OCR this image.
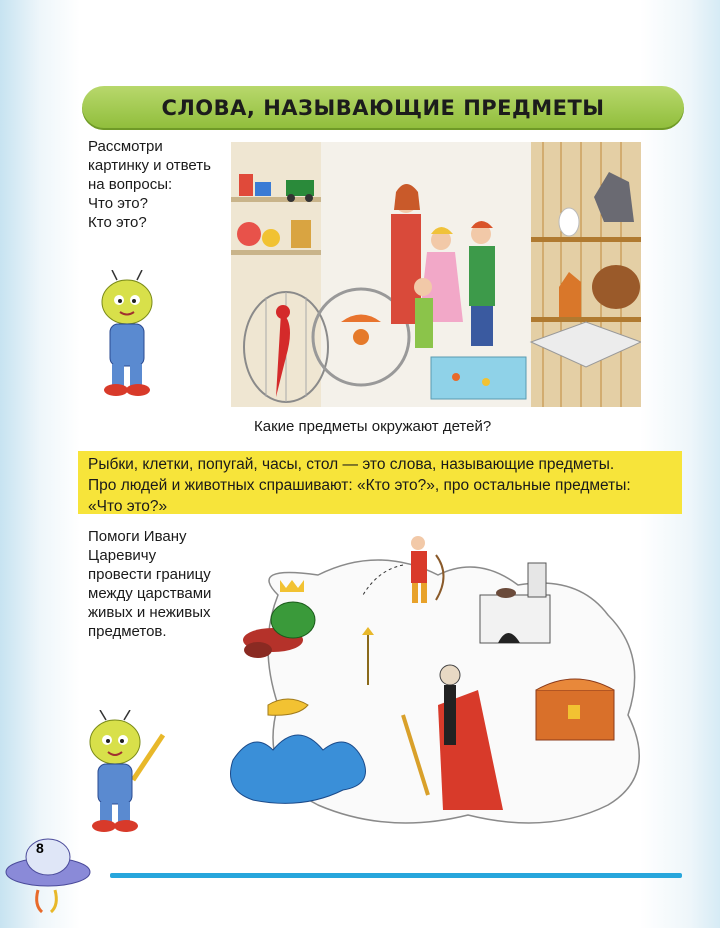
СЛОВА, НАЗЫВАЮЩИЕ ПРЕДМЕТЫ
Рассмотри
картинку и ответь
на вопросы:
Что это?
Кто это?
Какие предметы окружают детей?

Рыбки, клетки, попугай, часы, стол — это слова, называющие предметы.

Про людей и животных спрашивают: «Кто это?», про остальные предметы:

«Что это?»

Помоги Ивану Царевичу
провести границу
между царствами
живых и неживых
предметов.
8
